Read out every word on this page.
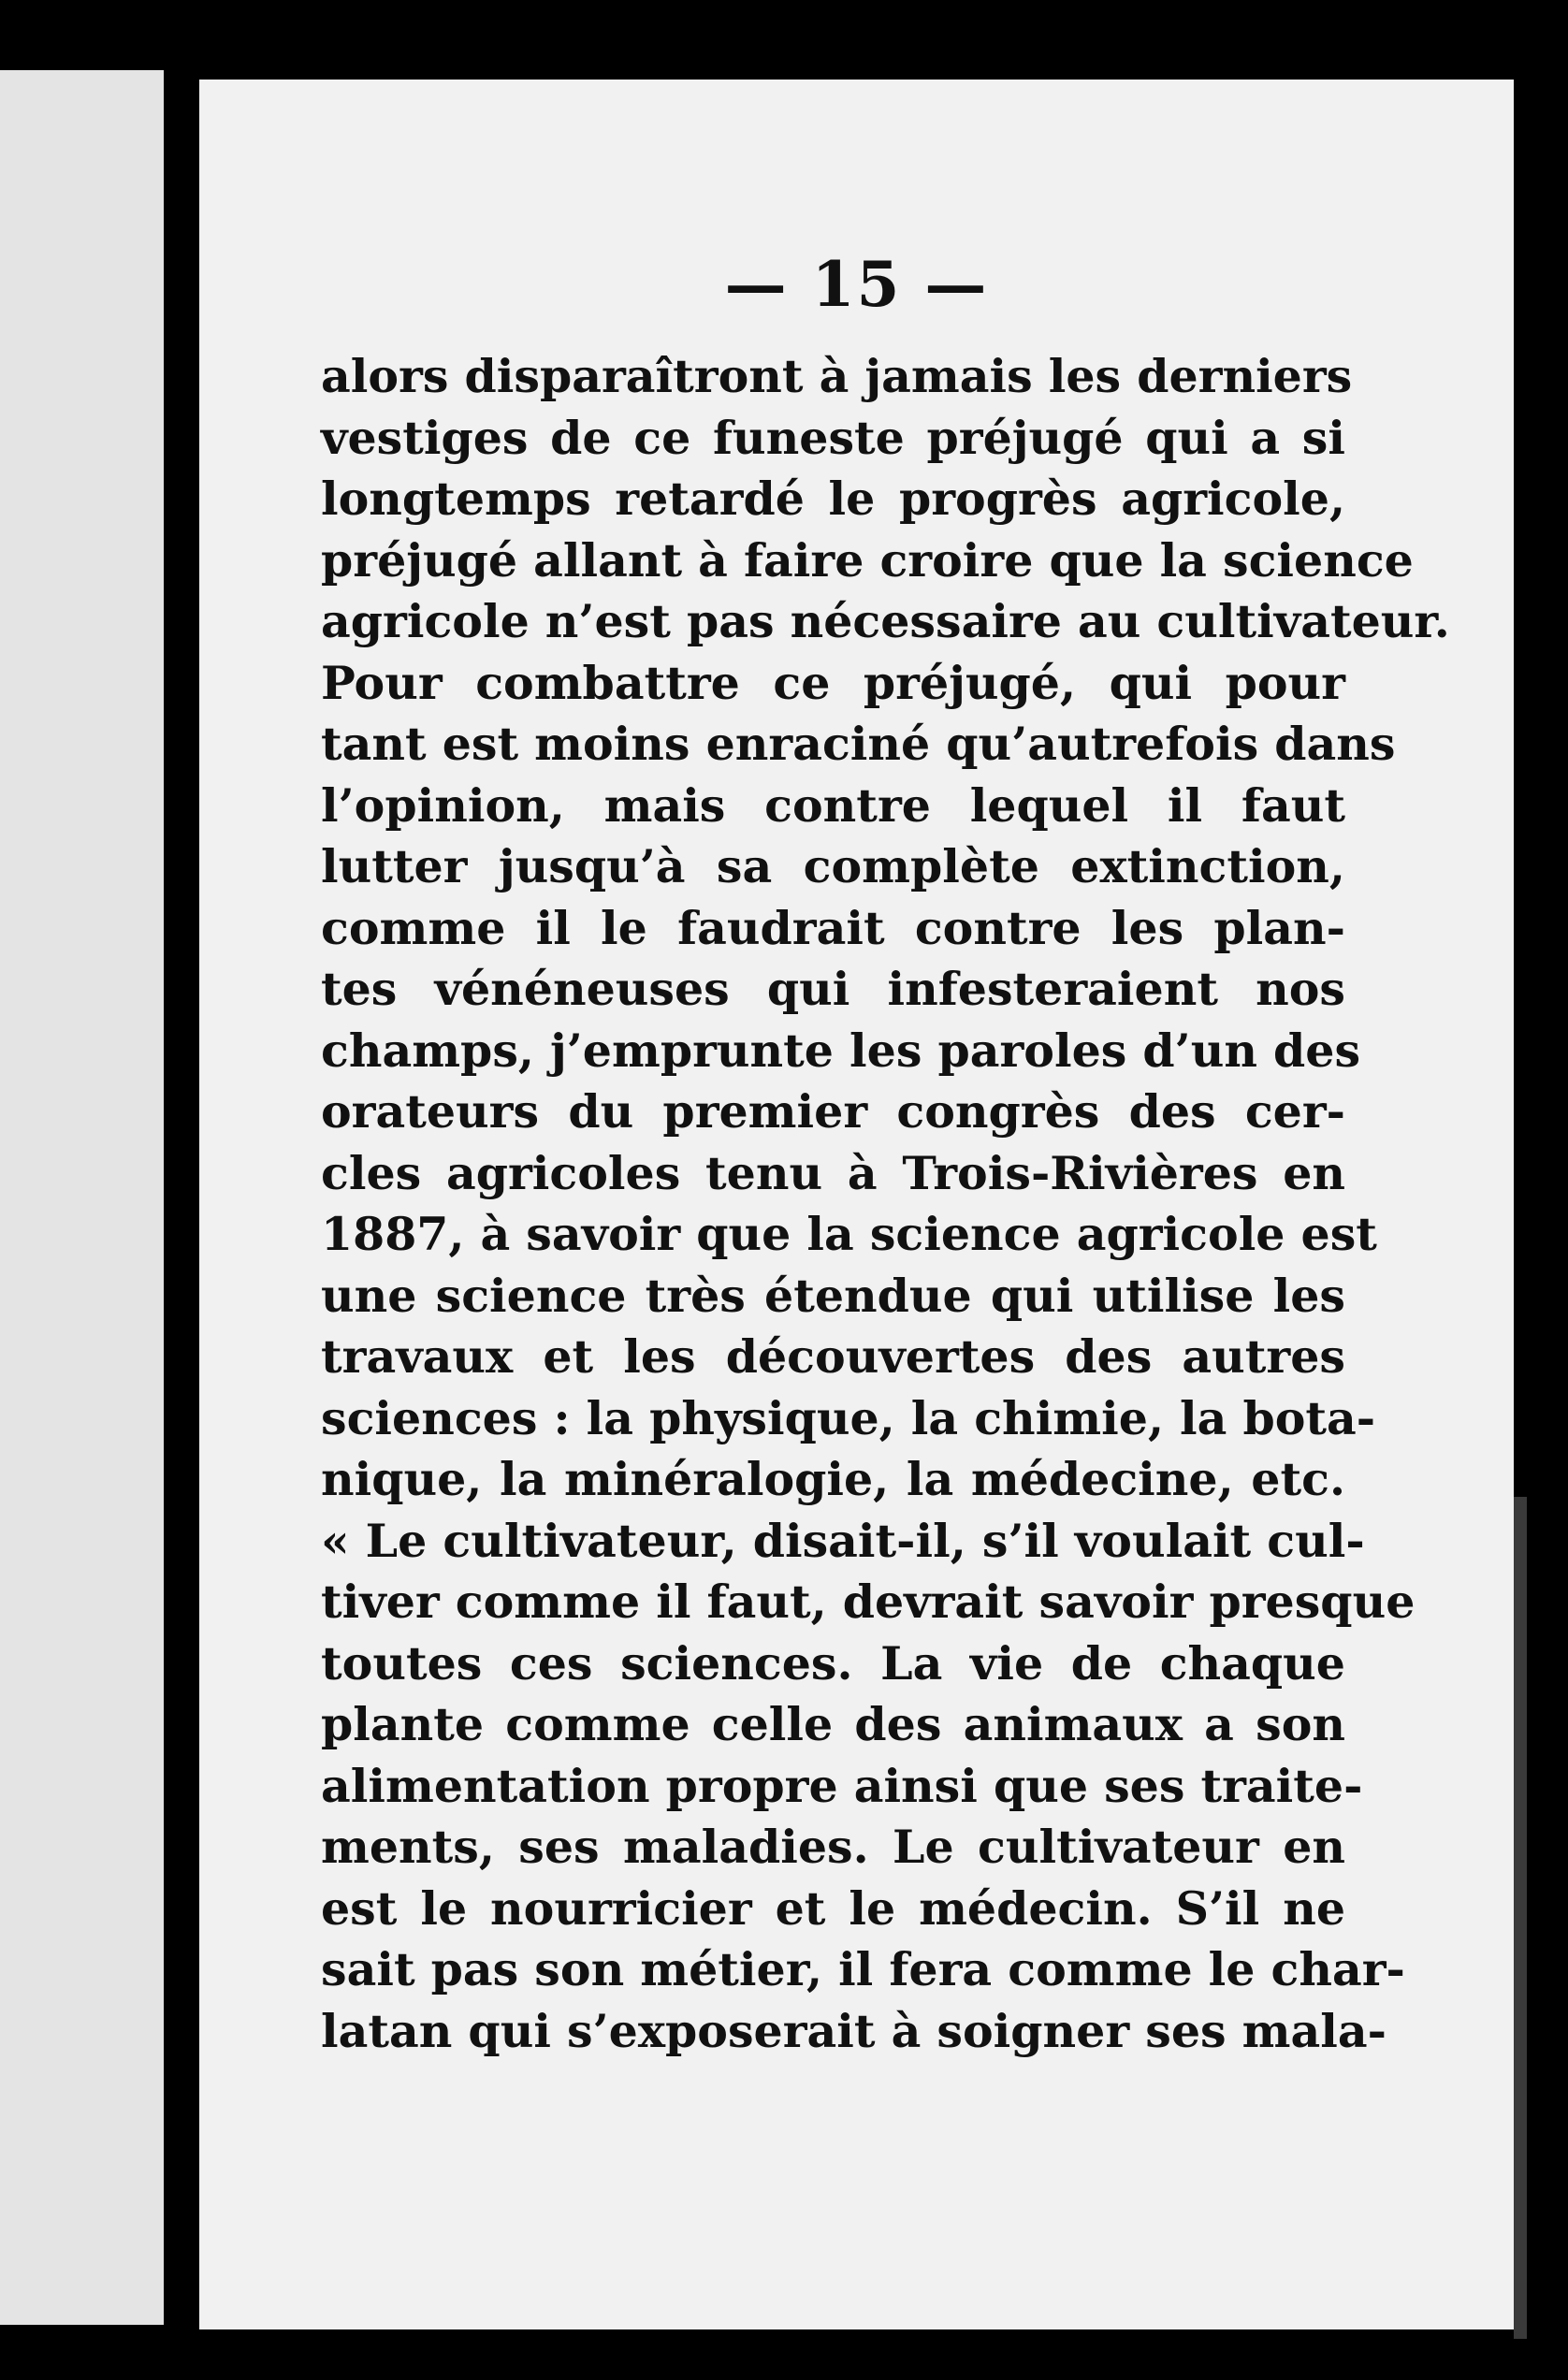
— 15 —
alors disparaîtront à jamais les derniers
vestiges de ce funeste préjugé qui a si
longtemps retardé le progrès agricole,
préjugé allant à faire croire que la science
agricole n’est pas nécessaire au cultivateur.
Pour combattre ce préjugé, qui pour
tant est moins enraciné qu’autrefois dans
l’opinion, mais contre lequel il faut
lutter jusqu’à sa complète extinction,
comme il le faudrait contre les plan-
tes vénéneuses qui infesteraient nos
champs, j’emprunte les paroles d’un des
orateurs du premier congrès des cer-
cles agricoles tenu à Trois-Rivières en
1887, à savoir que la science agricole est
une science très étendue qui utilise les
travaux et les découvertes des autres
sciences : la physique, la chimie, la bota-
nique, la minéralogie, la médecine, etc.
« Le cultivateur, disait-il, s’il voulait cul-
tiver comme il faut, devrait savoir presque
toutes ces sciences. La vie de chaque
plante comme celle des animaux a son
alimentation propre ainsi que ses traite-
ments, ses maladies. Le cultivateur en
est le nourricier et le médecin. S’il ne
sait pas son métier, il fera comme le char-
latan qui s’exposerait à soigner ses mala-
